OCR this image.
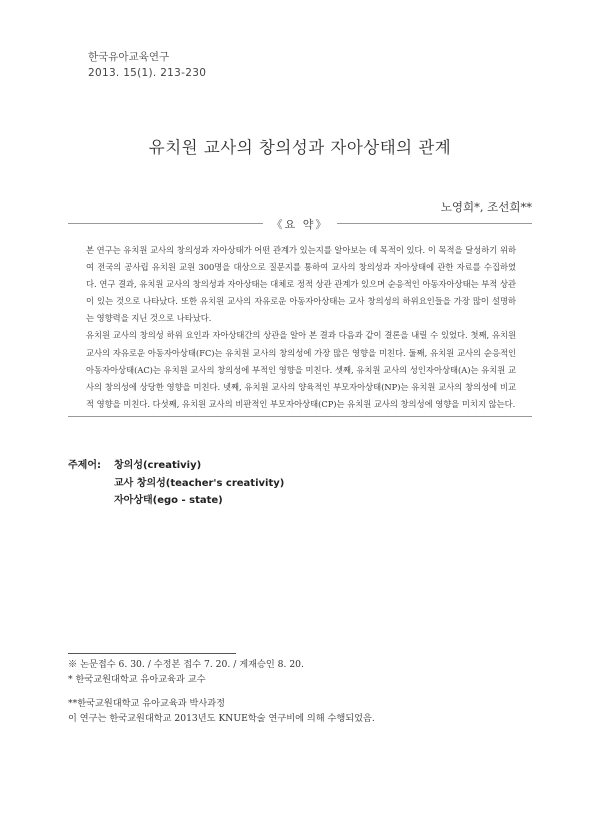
한국유아교육연구
2013. 15(1). 213-230
유치원 교사의 창의성과 자아상태의 관계
노영희*, 조선희**
《요 약》

본 연구는 유치원 교사의 창의성과 자아상태가 어떤 관계가 있는지를 알아보는 데 목적이 있다. 이 목적을 달성하기 위하여 전국의 공사립 유치원 교원 300명을 대상으로 질문지를 통하여 교사의 창의성과 자아상태에 관한 자료를 수집하였다. 연구 결과, 유치원 교사의 창의성과 자아상태는 대체로 정적 상관 관계가 있으며 순응적인 아동자아상태는 부적 상관이 있는 것으로 나타났다. 또한 유치원 교사의 자유로운 아동자아상태는 교사 창의성의 하위요인들을 가장 많이 설명하는 영향력을 지닌 것으로 나타났다.

유치원 교사의 창의성 하위 요인과 자아상태간의 상관을 알아 본 결과 다음과 같이 결론을 내릴 수 있었다. 첫째, 유치원 교사의 자유로운 아동자아상태(FC)는 유치원 교사의 창의성에 가장 많은 영향을 미친다. 둘째, 유치원 교사의 순응적인 아동자아상태(AC)는 유치원 교사의 창의성에 부적인 영향을 미친다. 셋째, 유치원 교사의 성인자아상태(A)는 유치원 교사의 창의성에 상당한 영향을 미친다. 넷째, 유치원 교사의 양육적인 부모자아상태(NP)는 유치원 교사의 창의성에 비교적 영향을 미친다. 다섯째, 유치원 교사의 비판적인 부모자아상태(CP)는 유치원 교사의 창의성에 영향을 미치지 않는다.

주제어: 창의성(creativiy)
교사 창의성(teacher's creativity)
자아상태(ego - state)
※ 논문접수 6. 30. / 수정본 접수 7. 20. / 게재승인 8. 20.
* 한국교원대학교 유아교육과 교수
**한국교원대학교 유아교육과 박사과정
이 연구는 한국교원대학교 2013년도 KNUE학술 연구비에 의해 수행되었음.
